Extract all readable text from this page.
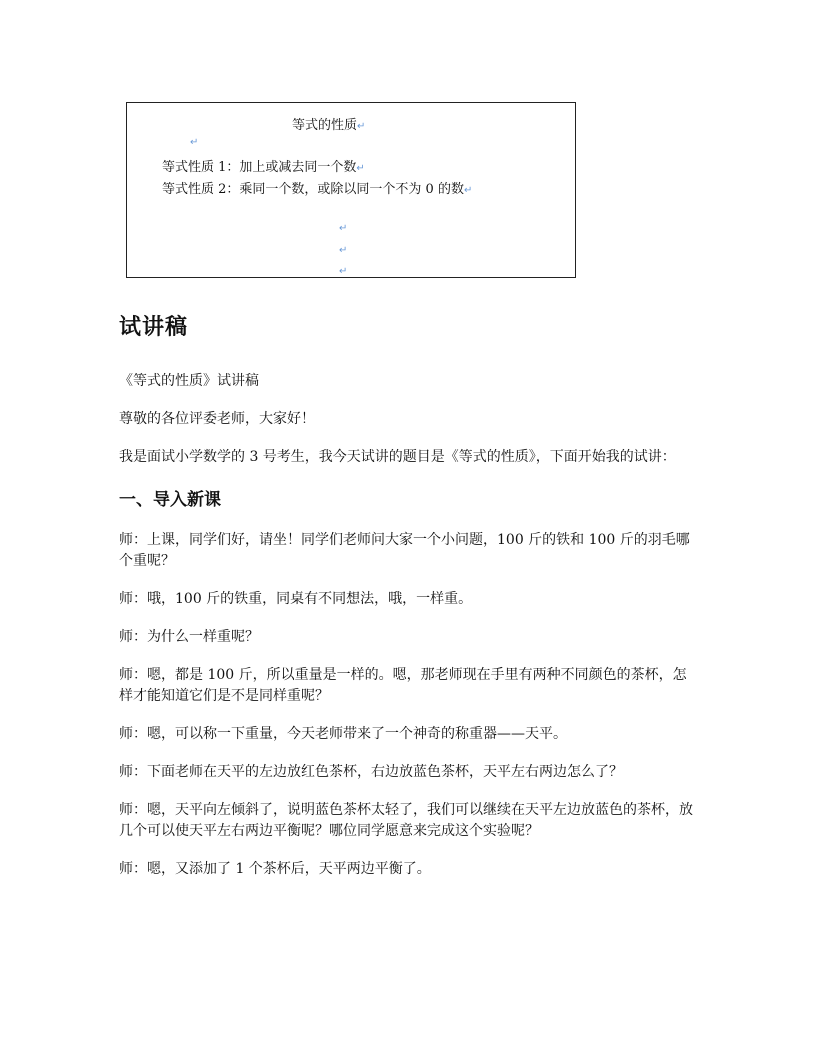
等式的性质↵
↵
等式性质 1：加上或减去同一个数↵
等式性质 2：乘同一个数，或除以同一个不为 0 的数↵
↵
↵
↵
试讲稿

《等式的性质》试讲稿

尊敬的各位评委老师，大家好！

我是面试小学数学的 3 号考生，我今天试讲的题目是《等式的性质》，下面开始我的试讲：

一、导入新课

师：上课，同学们好，请坐！同学们老师问大家一个小问题，100 斤的铁和 100 斤的羽毛哪个重呢？

师：哦，100 斤的铁重，同桌有不同想法，哦，一样重。

师：为什么一样重呢？

师：嗯，都是 100 斤，所以重量是一样的。嗯，那老师现在手里有两种不同颜色的茶杯，怎样才能知道它们是不是同样重呢？

师：嗯，可以称一下重量，今天老师带来了一个神奇的称重器——天平。

师：下面老师在天平的左边放红色茶杯，右边放蓝色茶杯，天平左右两边怎么了？

师：嗯，天平向左倾斜了，说明蓝色茶杯太轻了，我们可以继续在天平左边放蓝色的茶杯，放几个可以使天平左右两边平衡呢？哪位同学愿意来完成这个实验呢？

师：嗯，又添加了 1 个茶杯后，天平两边平衡了。
